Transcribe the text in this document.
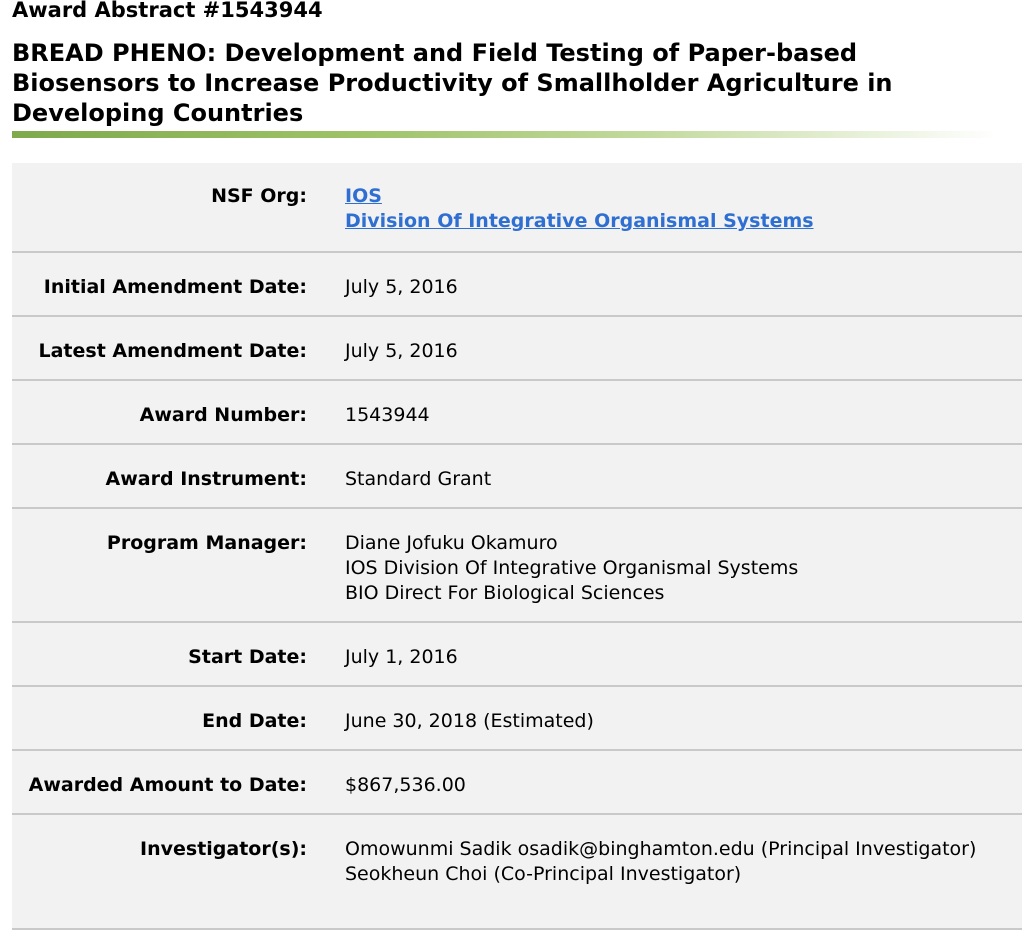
Award Abstract #1543944
BREAD PHENO: Development and Field Testing of Paper-based Biosensors to Increase Productivity of Smallholder Agriculture in Developing Countries
NSF Org:	IOS
Division Of Integrative Organismal Systems
Initial Amendment Date:	July 5, 2016
Latest Amendment Date:	July 5, 2016
Award Number:	1543944
Award Instrument:	Standard Grant
Program Manager:	Diane Jofuku Okamuro
IOS Division Of Integrative Organismal Systems
BIO Direct For Biological Sciences
Start Date:	July 1, 2016
End Date:	June 30, 2018 (Estimated)
Awarded Amount to Date:	$867,536.00
Investigator(s):	Omowunmi Sadik osadik@binghamton.edu (Principal Investigator)
Seokheun Choi (Co-Principal Investigator)
